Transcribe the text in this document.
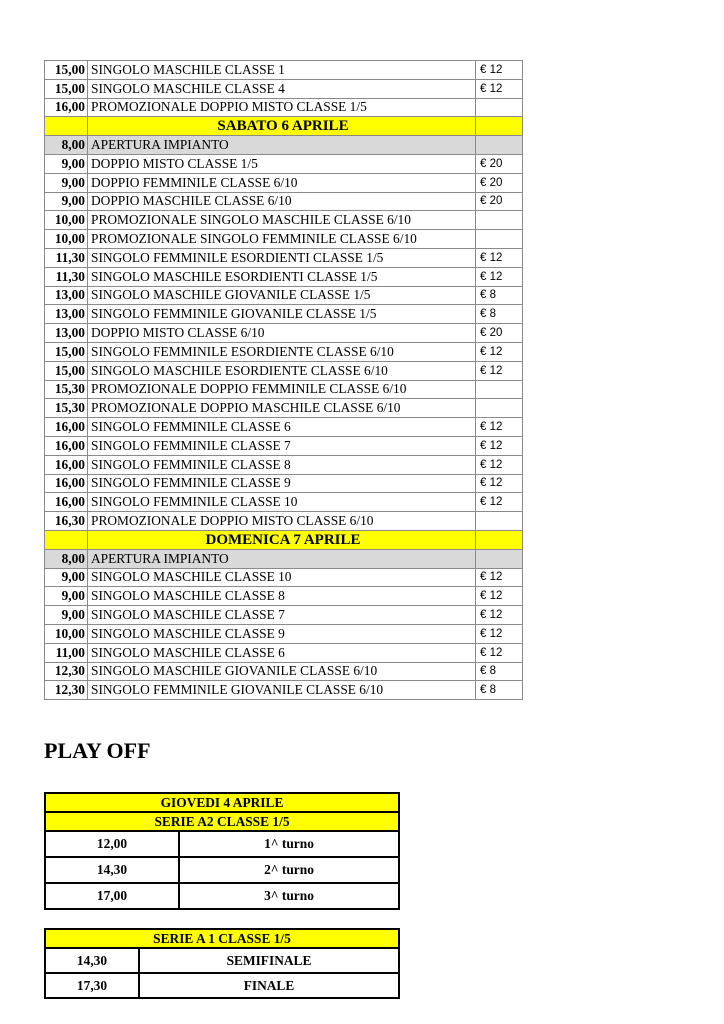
15,00	SINGOLO MASCHILE CLASSE 1	€ 12
15,00	SINGOLO MASCHILE CLASSE 4	€ 12
16,00	PROMOZIONALE DOPPIO MISTO CLASSE 1/5	
	SABATO 6 APRILE	
8,00	APERTURA IMPIANTO	
9,00	DOPPIO MISTO CLASSE 1/5	€ 20
9,00	DOPPIO FEMMINILE CLASSE 6/10	€ 20
9,00	DOPPIO MASCHILE CLASSE 6/10	€ 20
10,00	PROMOZIONALE SINGOLO MASCHILE CLASSE 6/10	
10,00	PROMOZIONALE SINGOLO FEMMINILE CLASSE 6/10	
11,30	SINGOLO FEMMINILE ESORDIENTI CLASSE 1/5	€ 12
11,30	SINGOLO MASCHILE ESORDIENTI CLASSE 1/5	€ 12
13,00	SINGOLO MASCHILE GIOVANILE CLASSE 1/5	€ 8
13,00	SINGOLO FEMMINILE GIOVANILE CLASSE 1/5	€ 8
13,00	DOPPIO MISTO CLASSE 6/10	€ 20
15,00	SINGOLO FEMMINILE ESORDIENTE CLASSE 6/10	€ 12
15,00	SINGOLO MASCHILE ESORDIENTE CLASSE 6/10	€ 12
15,30	PROMOZIONALE DOPPIO FEMMINILE CLASSE 6/10	
15,30	PROMOZIONALE DOPPIO MASCHILE CLASSE 6/10	
16,00	SINGOLO FEMMINILE CLASSE 6	€ 12
16,00	SINGOLO FEMMINILE CLASSE 7	€ 12
16,00	SINGOLO FEMMINILE CLASSE 8	€ 12
16,00	SINGOLO FEMMINILE CLASSE 9	€ 12
16,00	SINGOLO FEMMINILE CLASSE 10	€ 12
16,30	PROMOZIONALE DOPPIO MISTO CLASSE 6/10	
	DOMENICA 7 APRILE	
8,00	APERTURA IMPIANTO	
9,00	SINGOLO MASCHILE CLASSE 10	€ 12
9,00	SINGOLO MASCHILE CLASSE 8	€ 12
9,00	SINGOLO MASCHILE CLASSE 7	€ 12
10,00	SINGOLO MASCHILE CLASSE 9	€ 12
11,00	SINGOLO MASCHILE CLASSE 6	€ 12
12,30	SINGOLO MASCHILE GIOVANILE CLASSE 6/10	€ 8
12,30	SINGOLO FEMMINILE GIOVANILE CLASSE 6/10	€ 8
PLAY OFF
GIOVEDI 4 APRILE	
SERIE A2 CLASSE 1/5	
12,00	1^ turno
14,30	2^ turno
17,00	3^ turno
SERIE A 1 CLASSE 1/5	
14,30	SEMIFINALE
17,30	FINALE
